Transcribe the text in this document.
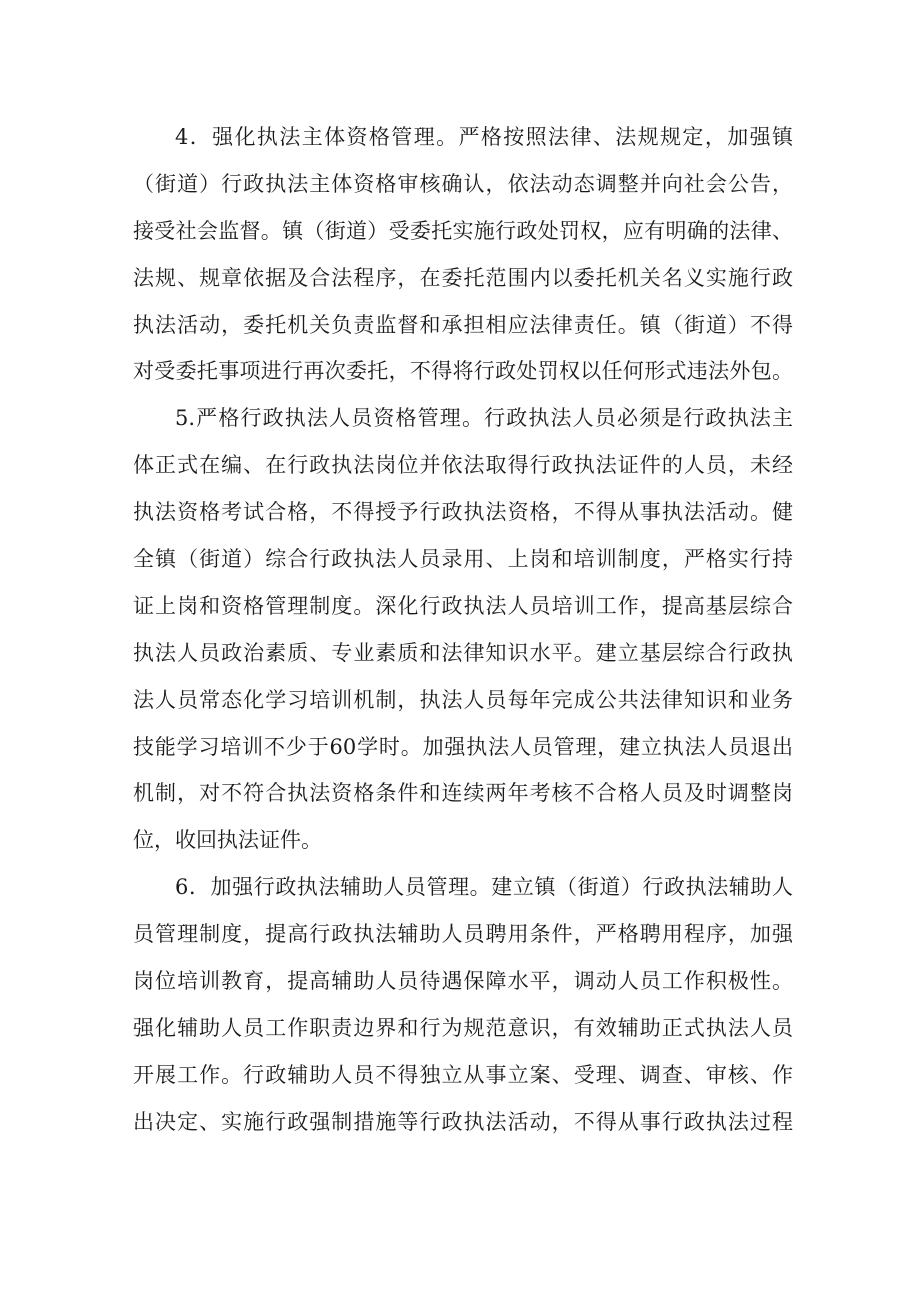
4．强化执法主体资格管理。严格按照法律、法规规定，加强镇
（街道）行政执法主体资格审核确认，依法动态调整并向社会公告，
接受社会监督。镇（街道）受委托实施行政处罚权，应有明确的法律、
法规、规章依据及合法程序，在委托范围内以委托机关名义实施行政
执法活动，委托机关负责监督和承担相应法律责任。镇（街道）不得
对受委托事项进行再次委托，不得将行政处罚权以任何形式违法外包。
5.严格行政执法人员资格管理。行政执法人员必须是行政执法主
体正式在编、在行政执法岗位并依法取得行政执法证件的人员，未经
执法资格考试合格，不得授予行政执法资格，不得从事执法活动。健
全镇（街道）综合行政执法人员录用、上岗和培训制度，严格实行持
证上岗和资格管理制度。深化行政执法人员培训工作，提高基层综合
执法人员政治素质、专业素质和法律知识水平。建立基层综合行政执
法人员常态化学习培训机制，执法人员每年完成公共法律知识和业务
技能学习培训不少于60学时。加强执法人员管理，建立执法人员退出
机制，对不符合执法资格条件和连续两年考核不合格人员及时调整岗
位，收回执法证件。
6．加强行政执法辅助人员管理。建立镇（街道）行政执法辅助人
员管理制度，提高行政执法辅助人员聘用条件，严格聘用程序，加强
岗位培训教育，提高辅助人员待遇保障水平，调动人员工作积极性。
强化辅助人员工作职责边界和行为规范意识，有效辅助正式执法人员
开展工作。行政辅助人员不得独立从事立案、受理、调查、审核、作
出决定、实施行政强制措施等行政执法活动，不得从事行政执法过程
